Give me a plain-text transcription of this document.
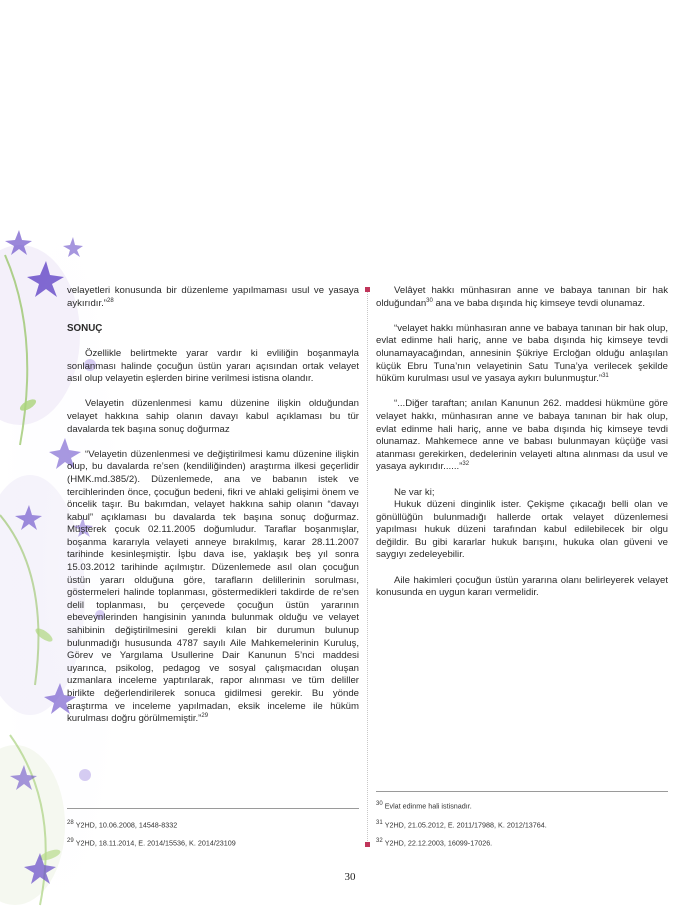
velayetleri konusunda bir düzenleme yapılmaması usul ve yasaya aykırıdır.”$^{28}$

SONUÇ

Özellikle belirtmekte yarar vardır ki evliliğin boşanmayla sonlanması halinde çocuğun üstün yararı açısından ortak velayet asıl olup velayetin eşlerden birine verilmesi istisna olandır.

Velayetin düzenlenmesi kamu düzenine ilişkin olduğundan velayet hakkına sahip olanın davayı kabul açıklaması bu tür davalarda tek başına sonuç doğurmaz

“Velayetin düzenlenmesi ve değiştirilmesi kamu düzenine ilişkin olup, bu davalarda re’sen (kendiliğinden) araştırma ilkesi geçerlidir (HMK.md.385/2). Düzenlemede, ana ve babanın istek ve tercihlerinden önce, çocuğun bedeni, fikri ve ahlaki gelişimi önem ve öncelik taşır. Bu bakımdan, velayet hakkına sahip olanın “davayı kabul” açıklaması bu davalarda tek başına sonuç doğurmaz. Müşterek çocuk 02.11.2005 doğumludur. Taraflar boşanmışlar, boşanma kararıyla velayeti anneye bırakılmış, karar 28.11.2007 tarihinde kesinleşmiştir. İşbu dava ise, yaklaşık beş yıl sonra 15.03.2012 tarihinde açılmıştır. Düzenlemede asıl olan çocuğun üstün yararı olduğuna göre, tarafların delillerinin sorulması, göstermeleri halinde toplanması, göstermedikleri takdirde de re’sen delil toplanması, bu çerçevede çocuğun üstün yararının ebeveynlerinden hangisinin yanında bulunmak olduğu ve velayet sahibinin değiştirilmesini gerekli kılan bir durumun bulunup bulunmadığı hususunda 4787 sayılı Aile Mahkemelerinin Kuruluş, Görev ve Yargılama Usullerine Dair Kanunun 5’nci maddesi uyarınca, psikolog, pedagog ve sosyal çalışmacıdan oluşan uzmanlara inceleme yaptırılarak, rapor alınması ve tüm deliller birlikte değerlendirilerek sonuca gidilmesi gerekir. Bu yönde araştırma ve inceleme yapılmadan, eksik inceleme ile hüküm kurulması doğru görülmemiştir.”$^{29}$

Velâyet hakkı münhasıran anne ve babaya tanınan bir hak olduğundan$^{30}$ ana ve baba dışında hiç kimseye tevdi olunamaz.

“velayet hakkı münhasıran anne ve babaya tanınan bir hak olup, evlat edinme hali hariç, anne ve baba dışında hiç kimseye tevdi olunamayacağından, annesinin Şükriye Ercloğan olduğu anlaşılan küçük Ebru Tuna’nın velayetinin Satu Tuna’ya verilecek şekilde hüküm kurulması usul ve yasaya aykırı bulunmuştur.”$^{31}$

“...Diğer taraftan; anılan Kanunun 262. maddesi hükmüne göre velayet hakkı, münhasıran anne ve babaya tanınan bir hak olup, evlat edinme hali hariç, anne ve baba dışında hiç kimseye tevdi olunamaz. Mahkemece anne ve babası bulunmayan küçüğe vasi atanması gerekirken, dedelerinin velayeti altına alınması da usul ve yasaya aykırıdır......”$^{32}$

Ne var ki;

Hukuk düzeni dinginlik ister. Çekişme çıkacağı belli olan ve gönüllüğün bulunmadığı hallerde ortak velayet düzenlemesi yapılması hukuk düzeni tarafından kabul edilebilecek bir olgu değildir. Bu gibi kararlar hukuk barışını, hukuka olan güveni ve saygıyı zedeleyebilir.

Aile hakimleri çocuğun üstün yararına olanı belirleyerek velayet konusunda en uygun kararı vermelidir.

$^{28}$ Y2HD, 10.06.2008, 14548-8332
$^{29}$ Y2HD, 18.11.2014, E. 2014/15536, K. 2014/23109
$^{30}$ Evlat edinme hali istisnadır.
$^{31}$ Y2HD, 21.05.2012, E. 2011/17988, K. 2012/13764.
$^{32}$ Y2HD, 22.12.2003, 16099-17026.
30
